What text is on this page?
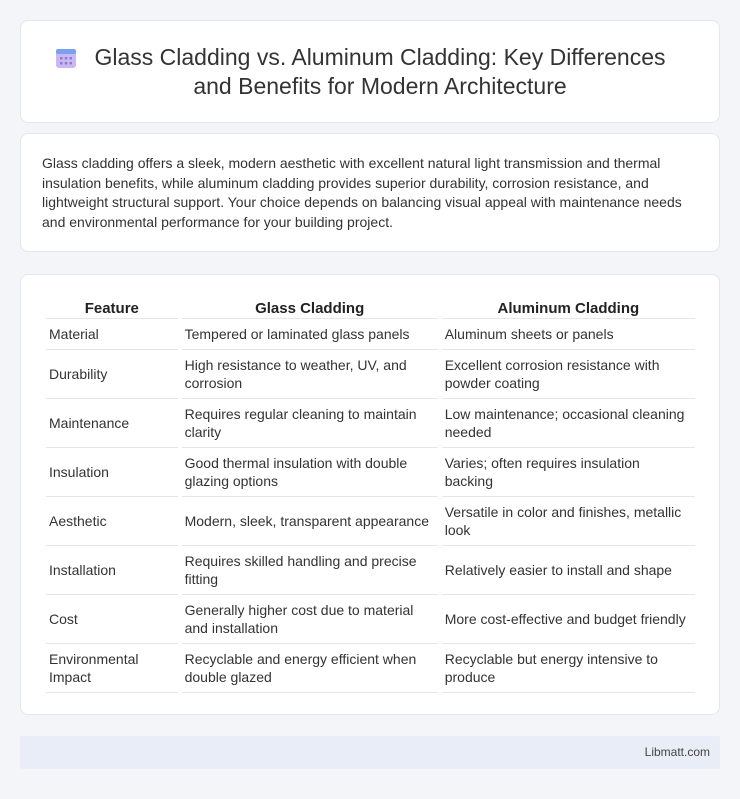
Glass Cladding vs. Aluminum Cladding: Key Differences and Benefits for Modern Architecture

Glass cladding offers a sleek, modern aesthetic with excellent natural light transmission and thermal insulation benefits, while aluminum cladding provides superior durability, corrosion resistance, and lightweight structural support. Your choice depends on balancing visual appeal with maintenance needs and environmental performance for your building project.

Feature	Glass Cladding	Aluminum Cladding
Material	Tempered or laminated glass panels	Aluminum sheets or panels
Durability	High resistance to weather, UV, and corrosion	Excellent corrosion resistance with powder coating
Maintenance	Requires regular cleaning to maintain clarity	Low maintenance; occasional cleaning needed
Insulation	Good thermal insulation with double glazing options	Varies; often requires insulation backing
Aesthetic	Modern, sleek, transparent appearance	Versatile in color and finishes, metallic look
Installation	Requires skilled handling and precise fitting	Relatively easier to install and shape
Cost	Generally higher cost due to material and installation	More cost-effective and budget friendly
Environmental Impact	Recyclable and energy efficient when double glazed	Recyclable but energy intensive to produce
Libmatt.com
